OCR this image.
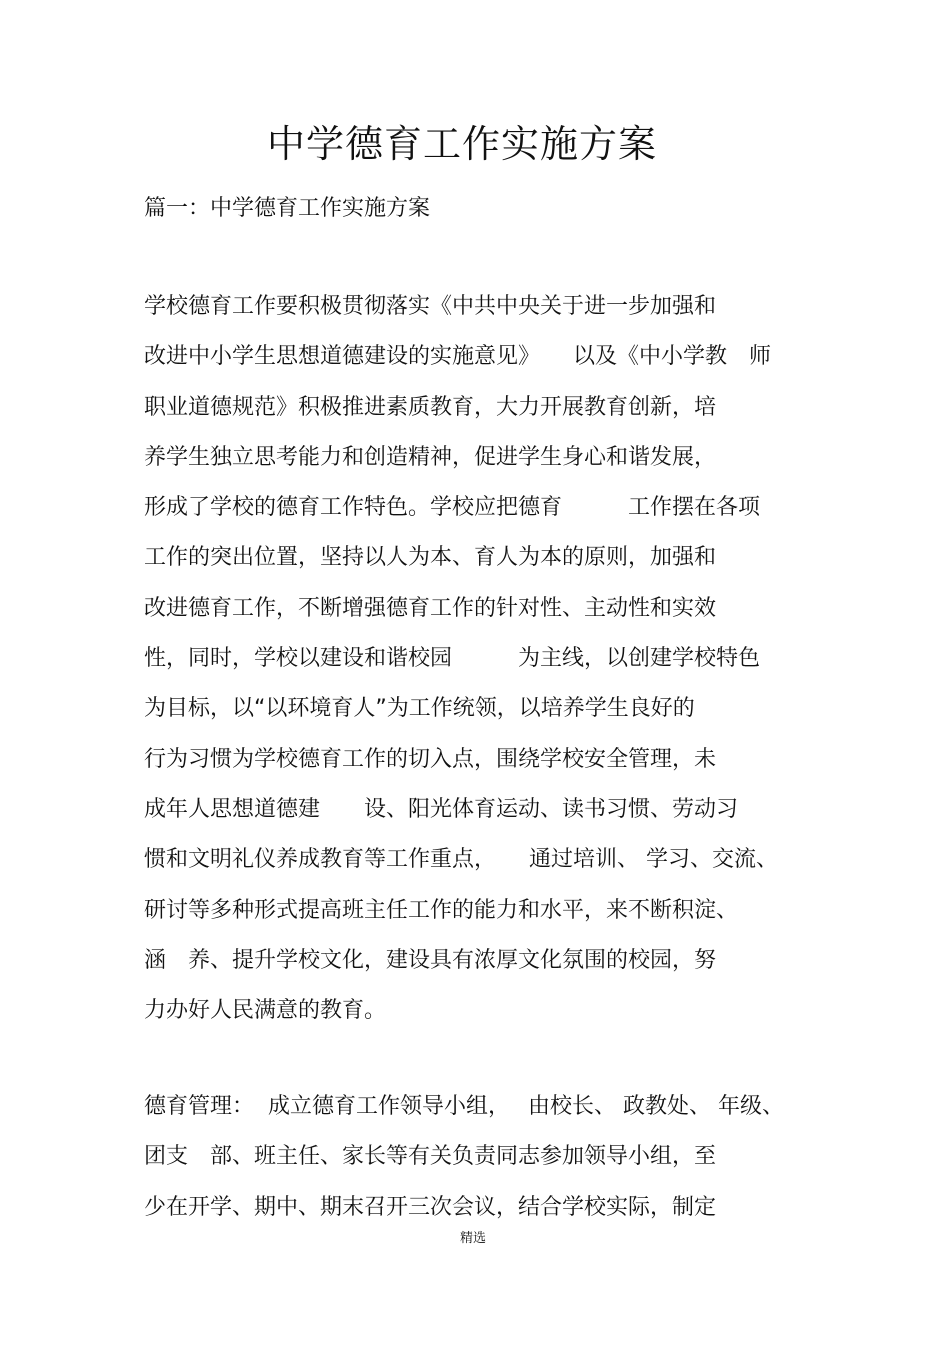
中学德育工作实施方案
篇一：中学德育工作实施方案
学校德育工作要积极贯彻落实《中共中央关于进一步加强和
改进中小学生思想道德建设的实施意见》　　以及《中小学教　师
职业道德规范》积极推进素质教育，大力开展教育创新，培
养学生独立思考能力和创造精神，促进学生身心和谐发展，
形成了学校的德育工作特色。学校应把德育　　　工作摆在各项
工作的突出位置，坚持以人为本、育人为本的原则，加强和
改进德育工作，不断增强德育工作的针对性、主动性和实效
性，同时，学校以建设和谐校园　　　为主线，以创建学校特色
为目标，以“以环境育人”为工作统领，以培养学生良好的
行为习惯为学校德育工作的切入点，围绕学校安全管理，未
成年人思想道德建　　设、阳光体育运动、读书习惯、劳动习
惯和文明礼仪养成教育等工作重点，　　通过培训、 学习、交流、
研讨等多种形式提高班主任工作的能力和水平，来不断积淀、
涵　养、提升学校文化，建设具有浓厚文化氛围的校园，努
力办好人民满意的教育。
德育管理：  成立德育工作领导小组，　 由校长、 政教处、 年级、
团支　部、班主任、家长等有关负责同志参加领导小组，至
少在开学、期中、期末召开三次会议，结合学校实际，制定
精选
